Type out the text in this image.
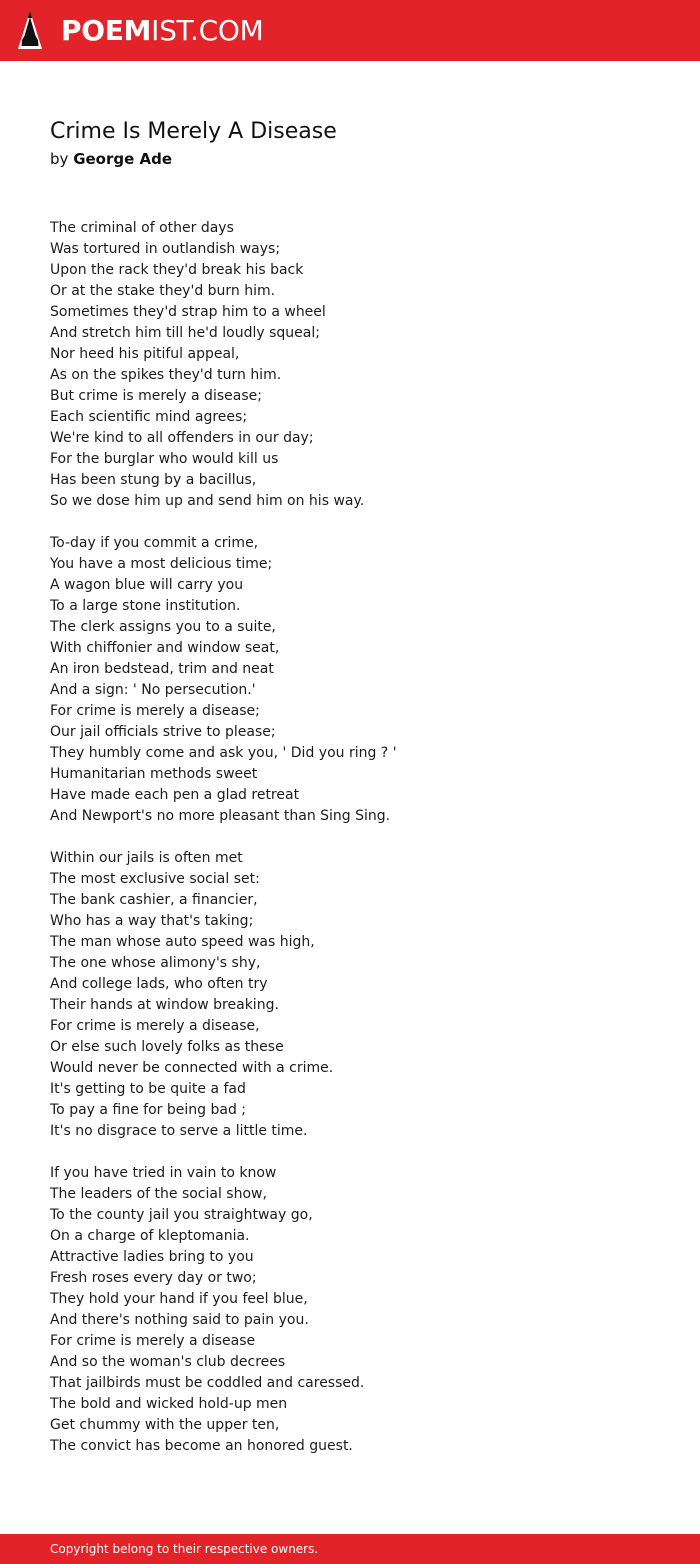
POEMIST.COM
Crime Is Merely A Disease

by George Ade

The criminal of other days
Was tortured in outlandish ways;
Upon the rack they'd break his back
Or at the stake they'd burn him.
Sometimes they'd strap him to a wheel
And stretch him till he'd loudly squeal;
Nor heed his pitiful appeal,
As on the spikes they'd turn him.
But crime is merely a disease;
Each scientific mind agrees;
We're kind to all offenders in our day;
For the burglar who would kill us
Has been stung by a bacillus,
So we dose him up and send him on his way.
To-day if you commit a crime,
You have a most delicious time;
A wagon blue will carry you
To a large stone institution.
The clerk assigns you to a suite,
With chiffonier and window seat,
An iron bedstead, trim and neat
And a sign: ' No persecution.'
For crime is merely a disease;
Our jail officials strive to please;
They humbly come and ask you, ' Did you ring ? '
Humanitarian methods sweet
Have made each pen a glad retreat
And Newport's no more pleasant than Sing Sing.
Within our jails is often met
The most exclusive social set:
The bank cashier, a financier,
Who has a way that's taking;
The man whose auto speed was high,
The one whose alimony's shy,
And college lads, who often try
Their hands at window breaking.
For crime is merely a disease,
Or else such lovely folks as these
Would never be connected with a crime.
It's getting to be quite a fad
To pay a fine for being bad ;
It's no disgrace to serve a little time.
If you have tried in vain to know
The leaders of the social show,
To the county jail you straightway go,
On a charge of kleptomania.
Attractive ladies bring to you
Fresh roses every day or two;
They hold your hand if you feel blue,
And there's nothing said to pain you.
For crime is merely a disease
And so the woman's club decrees
That jailbirds must be coddled and caressed.
The bold and wicked hold-up men
Get chummy with the upper ten,
The convict has become an honored guest.
Copyright belong to their respective owners.
